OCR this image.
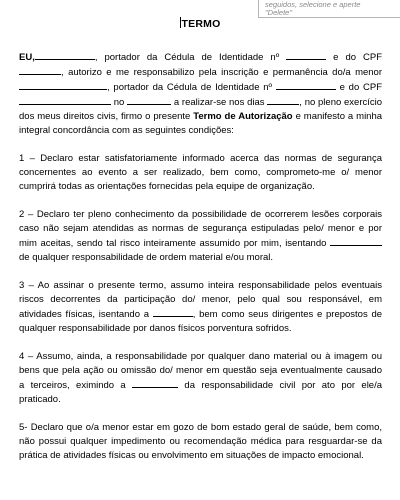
seguidos, selecione e aperte
"Delete"
TERMO

EU,	, portador da Cédula de Identidade nº	e do CPF , autorizo e me responsabilizo pela inscrição e permanência do/a menor , portador da Cédula de Identidade nº	e do CPF  no	a realizar-se nos dias	, no pleno exercício dos meus direitos civis, firmo o presente Termo de Autorização e manifesto a minha integral concordância com as seguintes condições:

1 – Declaro estar satisfatoriamente informado acerca das normas de segurança concernentes ao evento a ser realizado, bem como, comprometo-me o/ menor cumprirá todas as orientações fornecidas pela equipe de organização.

2 – Declaro ter pleno conhecimento da possibilidade de ocorrerem lesões corporais caso não sejam atendidas as normas de segurança estipuladas pelo/ menor e por mim aceitas, sendo tal risco inteiramente assumido por mim, isentando  de qualquer responsabilidade de ordem material e/ou moral.

3 – Ao assinar o presente termo, assumo inteira responsabilidade pelos eventuais riscos decorrentes da participação do/ menor, pelo qual sou responsável, em atividades físicas, isentando a	, bem como seus dirigentes e prepostos de qualquer responsabilidade por danos físicos porventura sofridos.

4 – Assumo, ainda, a responsabilidade por qualquer dano material ou à imagem ou bens que pela ação ou omissão do/ menor em questão seja eventualmente causado a terceiros, eximindo a	da responsabilidade civil por ato por ele/a praticado.

5- Declaro que o/a menor estar em gozo de bom estado geral de saúde, bem como, não possui qualquer impedimento ou recomendação médica para resguardar-se da prática de atividades físicas ou envolvimento em situações de impacto emocional.
